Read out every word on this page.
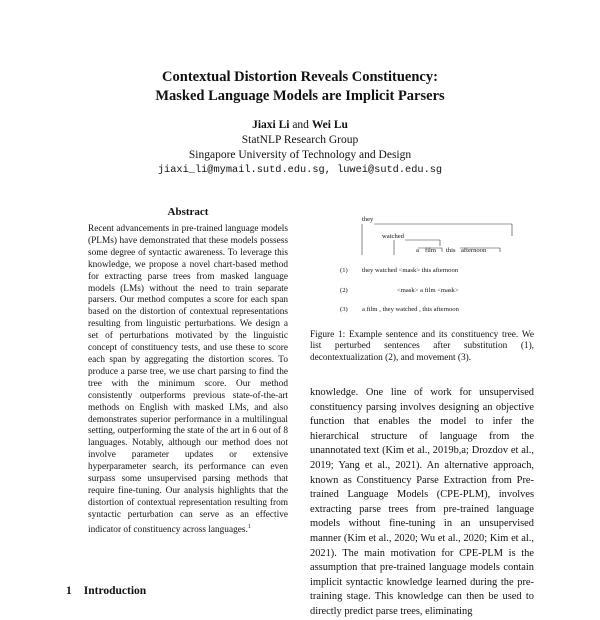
Contextual Distortion Reveals Constituency:
Masked Language Models are Implicit Parsers
Jiaxi Li and Wei Lu
StatNLP Research Group
Singapore University of Technology and Design
jiaxi_li@mymail.sutd.edu.sg, luwei@sutd.edu.sg
Abstract

Recent advancements in pre-trained language models (PLMs) have demonstrated that these models possess some degree of syntactic awareness. To leverage this knowledge, we propose a novel chart-based method for extracting parse trees from masked language models (LMs) without the need to train separate parsers. Our method computes a score for each span based on the distortion of contextual representations resulting from linguistic perturbations. We design a set of perturbations motivated by the linguistic concept of constituency tests, and use these to score each span by aggregating the distortion scores. To produce a parse tree, we use chart parsing to find the tree with the minimum score. Our method consistently outperforms previous state-of-the-art methods on English with masked LMs, and also demonstrates superior performance in a multilingual setting, outperforming the state of the art in 6 out of 8 languages. Notably, although our method does not involve parameter updates or extensive hyperparameter search, its performance can even surpass some unsupervised parsing methods that require fine-tuning. Our analysis highlights that the distortion of contextual representation resulting from syntactic perturbation can serve as an effective indicator of constituency across languages.$^1$

1 Introduction
they
watched
a film this afternoon
(1) they watched <mask> this afternoon
(2)	<mask> a film <mask>
(3) a film , they watched , this afternoon

Figure 1: Example sentence and its constituency tree. We list perturbed sentences after substitution (1), decontextualization (2), and movement (3).

knowledge. One line of work for unsupervised constituency parsing involves designing an objective function that enables the model to infer the hierarchical structure of language from the unannotated text (Kim et al., 2019b,a; Drozdov et al., 2019; Yang et al., 2021). An alternative approach, known as Constituency Parse Extraction from Pre-trained Language Models (CPE-PLM), involves extracting parse trees from pre-trained language models without fine-tuning in an unsupervised manner (Kim et al., 2020; Wu et al., 2020; Kim et al., 2021). The main motivation for CPE-PLM is the assumption that pre-trained language models contain implicit syntactic knowledge learned during the pre-training stage. This knowledge can then be used to directly predict parse trees, eliminating
